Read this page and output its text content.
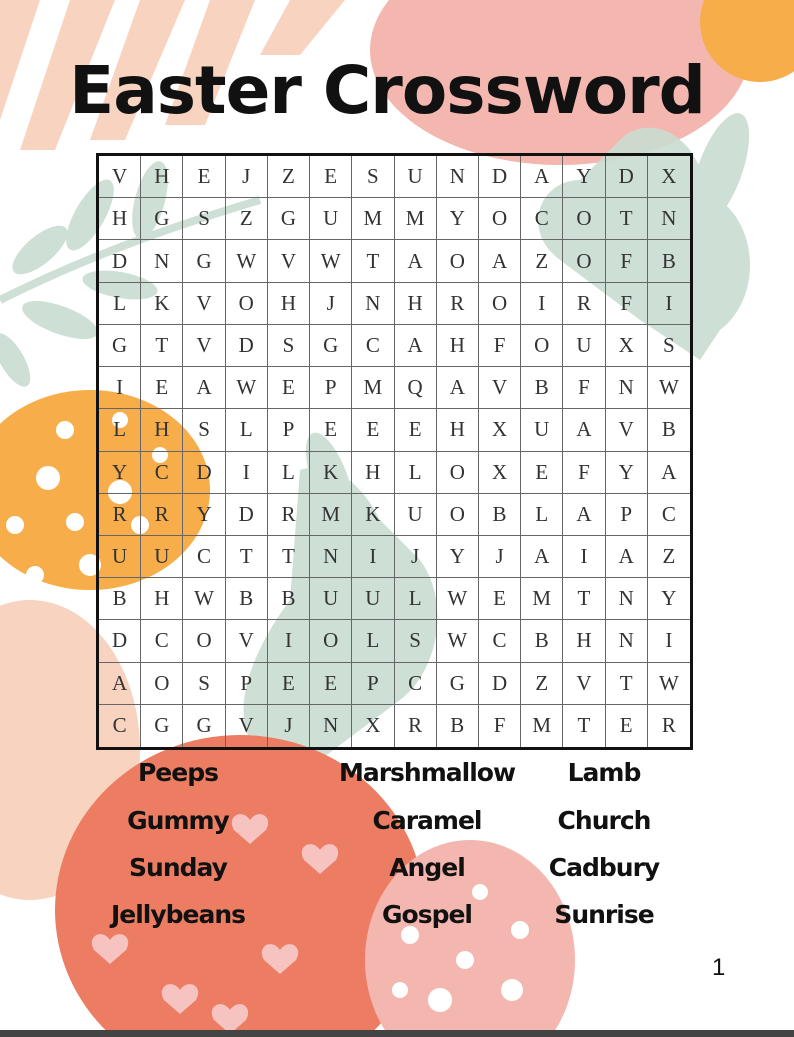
Easter Crossword
V	H	E	J	Z	E	S	U	N	D	A	Y	D	X
H	G	S	Z	G	U	M	M	Y	O	C	O	T	N
D	N	G	W	V	W	T	A	O	A	Z	O	F	B
L	K	V	O	H	J	N	H	R	O	I	R	F	I
G	T	V	D	S	G	C	A	H	F	O	U	X	S
I	E	A	W	E	P	M	Q	A	V	B	F	N	W
L	H	S	L	P	E	E	E	H	X	U	A	V	B
Y	C	D	I	L	K	H	L	O	X	E	F	Y	A
R	R	Y	D	R	M	K	U	O	B	L	A	P	C
U	U	C	T	T	N	I	J	Y	J	A	I	A	Z
B	H	W	B	B	U	U	L	W	E	M	T	N	Y
D	C	O	V	I	O	L	S	W	C	B	H	N	I
A	O	S	P	E	E	P	C	G	D	Z	V	T	W
C	G	G	V	J	N	X	R	B	F	M	T	E	R
Peeps	Marshmallow	Lamb
Gummy	Caramel	Church
Sunday	Angel	Cadbury
Jellybeans	Gospel	Sunrise
1
